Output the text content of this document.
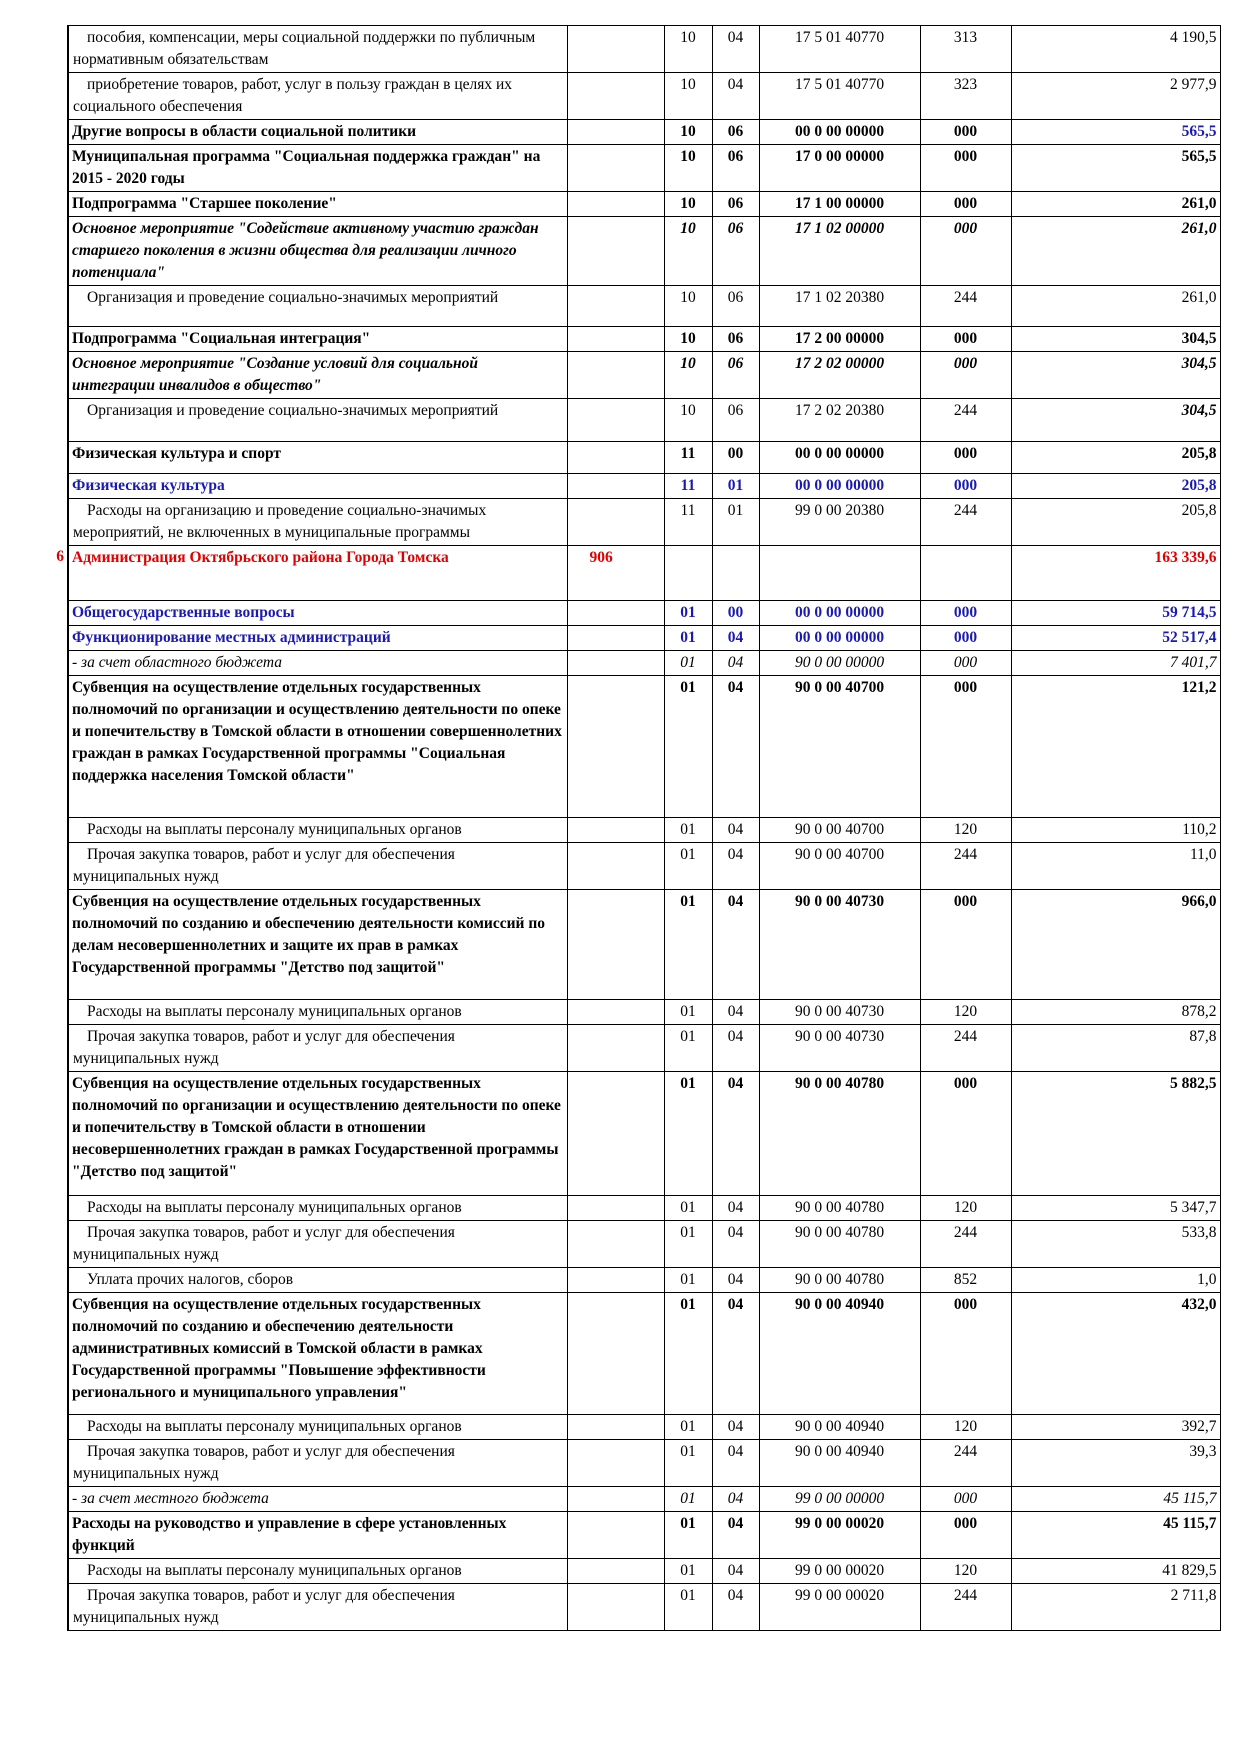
	пособия, компенсации, меры социальной поддержки по публичным нормативным обязательствам		10	04	17 5 01 40770	313	4 190,5
	приобретение товаров, работ, услуг в пользу граждан в целях их социального обеспечения		10	04	17 5 01 40770	323	2 977,9
	Другие вопросы в области социальной политики		10	06	00 0 00 00000	000	565,5
	Муниципальная программа "Социальная поддержка граждан" на 2015 - 2020 годы		10	06	17 0 00 00000	000	565,5
	Подпрограмма "Старшее поколение"		10	06	17 1 00 00000	000	261,0
	Основное мероприятие "Содействие активному участию граждан старшего поколения в жизни общества для реализации личного потенциала"		10	06	17 1 02 00000	000	261,0
	Организация и проведение социально-значимых мероприятий		10	06	17 1 02 20380	244	261,0
	Подпрограмма "Социальная интеграция"		10	06	17 2 00 00000	000	304,5
	Основное мероприятие "Создание условий для социальной интеграции инвалидов в общество"		10	06	17 2 02 00000	000	304,5
	Организация и проведение социально-значимых мероприятий		10	06	17 2 02 20380	244	304,5
	Физическая культура и спорт		11	00	00 0 00 00000	000	205,8
	Физическая культура		11	01	00 0 00 00000	000	205,8
	Расходы на организацию и проведение социально-значимых мероприятий, не включенных в муниципальные программы		11	01	99 0 00 20380	244	205,8
6	Администрация Октябрьского района Города Томска	906					163 339,6
	Общегосударственные вопросы		01	00	00 0 00 00000	000	59 714,5
	Функционирование местных администраций		01	04	00 0 00 00000	000	52 517,4
	- за счет областного бюджета		01	04	90 0 00 00000	000	7 401,7
	Субвенция на осуществление отдельных государственных полномочий по организации и осуществлению деятельности по опеке и попечительству в Томской области в отношении совершеннолетних граждан в рамках Государственной программы "Социальная поддержка населения Томской области"		01	04	90 0 00 40700	000	121,2
	Расходы на выплаты персоналу муниципальных органов		01	04	90 0 00 40700	120	110,2
	Прочая закупка товаров, работ и услуг для обеспечения муниципальных нужд		01	04	90 0 00 40700	244	11,0
	Субвенция на осуществление отдельных государственных полномочий по созданию и обеспечению деятельности комиссий по делам несовершеннолетних и защите их прав в рамках Государственной программы "Детство под защитой"		01	04	90 0 00 40730	000	966,0
	Расходы на выплаты персоналу муниципальных органов		01	04	90 0 00 40730	120	878,2
	Прочая закупка товаров, работ и услуг для обеспечения муниципальных нужд		01	04	90 0 00 40730	244	87,8
	Субвенция на осуществление отдельных государственных полномочий по организации и осуществлению деятельности по опеке и попечительству в Томской области в отношении несовершеннолетних граждан в рамках Государственной программы "Детство под защитой"		01	04	90 0 00 40780	000	5 882,5
	Расходы на выплаты персоналу муниципальных органов		01	04	90 0 00 40780	120	5 347,7
	Прочая закупка товаров, работ и услуг для обеспечения муниципальных нужд		01	04	90 0 00 40780	244	533,8
	Уплата прочих налогов, сборов		01	04	90 0 00 40780	852	1,0
	Субвенция на осуществление отдельных государственных полномочий по созданию и обеспечению деятельности административных комиссий в Томской области в рамках Государственной программы "Повышение эффективности регионального и муниципального управления"		01	04	90 0 00 40940	000	432,0
	Расходы на выплаты персоналу муниципальных органов		01	04	90 0 00 40940	120	392,7
	Прочая закупка товаров, работ и услуг для обеспечения муниципальных нужд		01	04	90 0 00 40940	244	39,3
	- за счет местного бюджета		01	04	99 0 00 00000	000	45 115,7
	Расходы на руководство и управление в сфере установленных функций		01	04	99 0 00 00020	000	45 115,7
	Расходы на выплаты персоналу муниципальных органов		01	04	99 0 00 00020	120	41 829,5
	Прочая закупка товаров, работ и услуг для обеспечения муниципальных нужд		01	04	99 0 00 00020	244	2 711,8
